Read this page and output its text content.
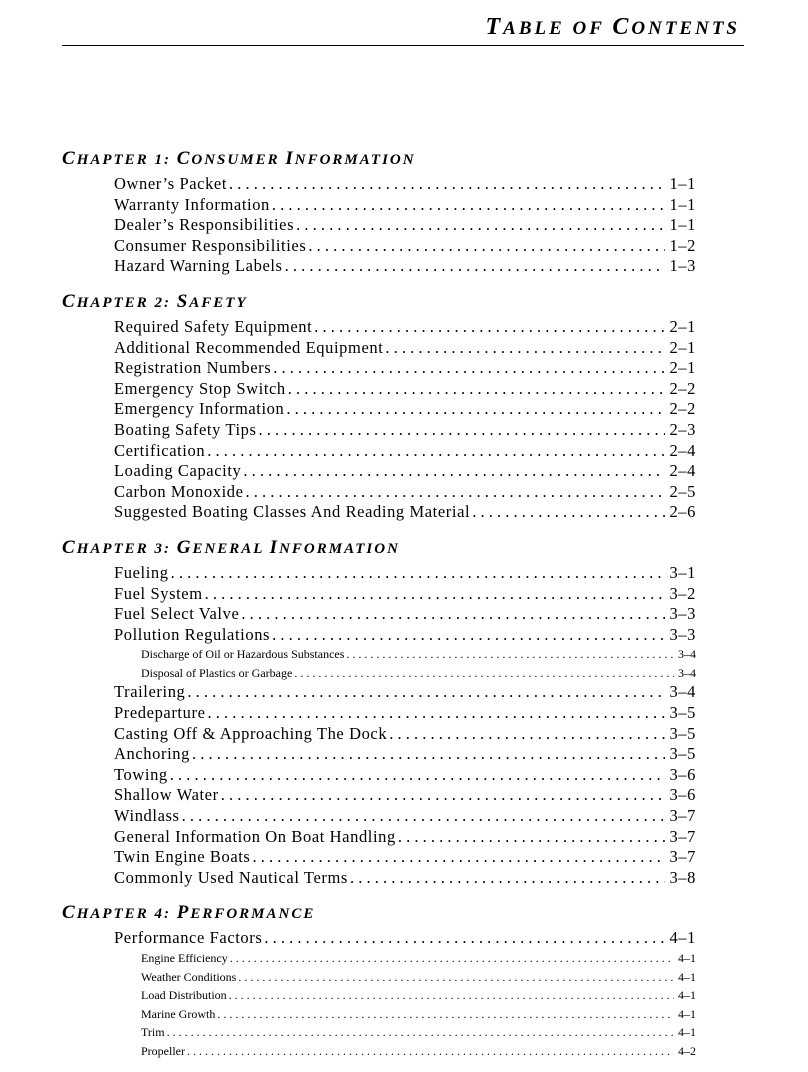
TABLE OF CONTENTS
CHAPTER 1: CONSUMER INFORMATION
Owner’s Packet . . .	1–1
Warranty Information . . .	1–1
Dealer’s Responsibilities . . .	1–1
Consumer Responsibilities . . .	1–2
Hazard Warning Labels . . .	1–3
CHAPTER 2: SAFETY
Required Safety Equipment . . .	2–1
Additional Recommended Equipment . . .	2–1
Registration Numbers . . .	2–1
Emergency Stop Switch . . .	2–2
Emergency Information . . .	2–2
Boating Safety Tips . . .	2–3
Certification . . .	2–4
Loading Capacity . . .	2–4
Carbon Monoxide . . .	2–5
Suggested Boating Classes And Reading Material . . .	2–6
CHAPTER 3: GENERAL INFORMATION
Fueling . . .	3–1
Fuel System . . .	3–2
Fuel Select Valve . . .	3–3
Pollution Regulations . . .	3–3
Discharge of Oil or Hazardous Substances . . .	3–4
Disposal of Plastics or Garbage . . .	3–4
Trailering . . .	3–4
Predeparture . . .	3–5
Casting Off & Approaching The Dock . . .	3–5
Anchoring . . .	3–5
Towing . . .	3–6
Shallow Water . . .	3–6
Windlass . . .	3–7
General Information On Boat Handling . . .	3–7
Twin Engine Boats . . .	3–7
Commonly Used Nautical Terms . . .	3–8
CHAPTER 4: PERFORMANCE
Performance Factors . . .	4–1
Engine Efficiency . . .	4–1
Weather Conditions . . .	4–1
Load Distribution . . .	4–1
Marine Growth . . .	4–1
Trim . . .	4–1
Propeller . . .	4–2
